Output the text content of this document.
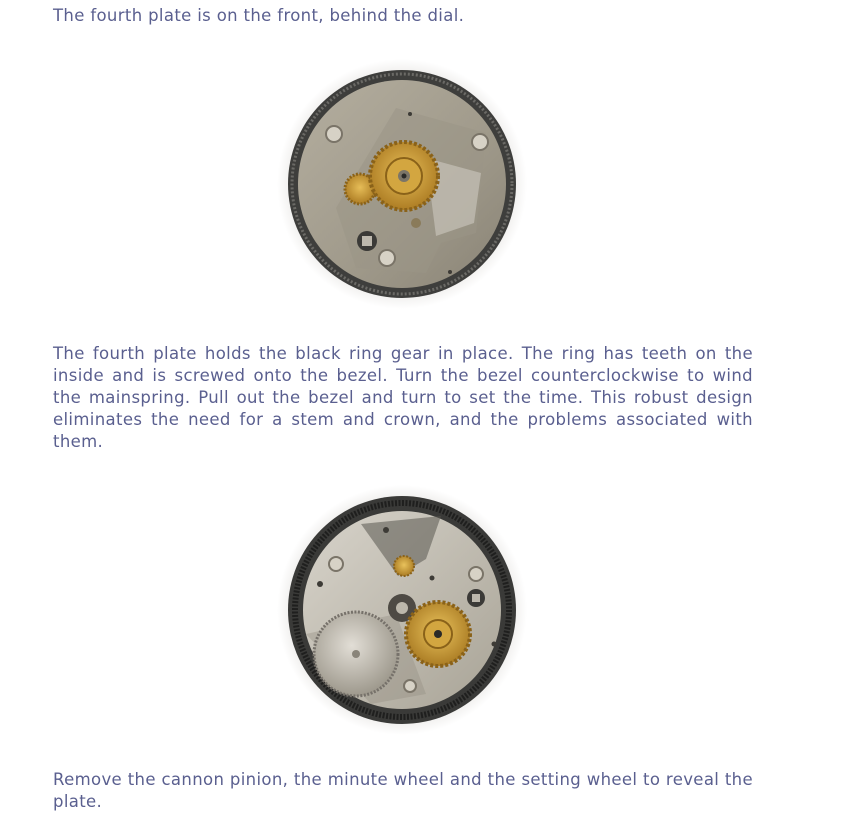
The fourth plate is on the front, behind the dial.

The fourth plate holds the black ring gear in place. The ring has teeth on the inside and is screwed onto the bezel. Turn the bezel counterclockwise to wind the mainspring. Pull out the bezel and turn to set the time. This robust design eliminates the need for a stem and crown, and the problems associated with them.

Remove the cannon pinion, the minute wheel and the setting wheel to reveal the plate.
